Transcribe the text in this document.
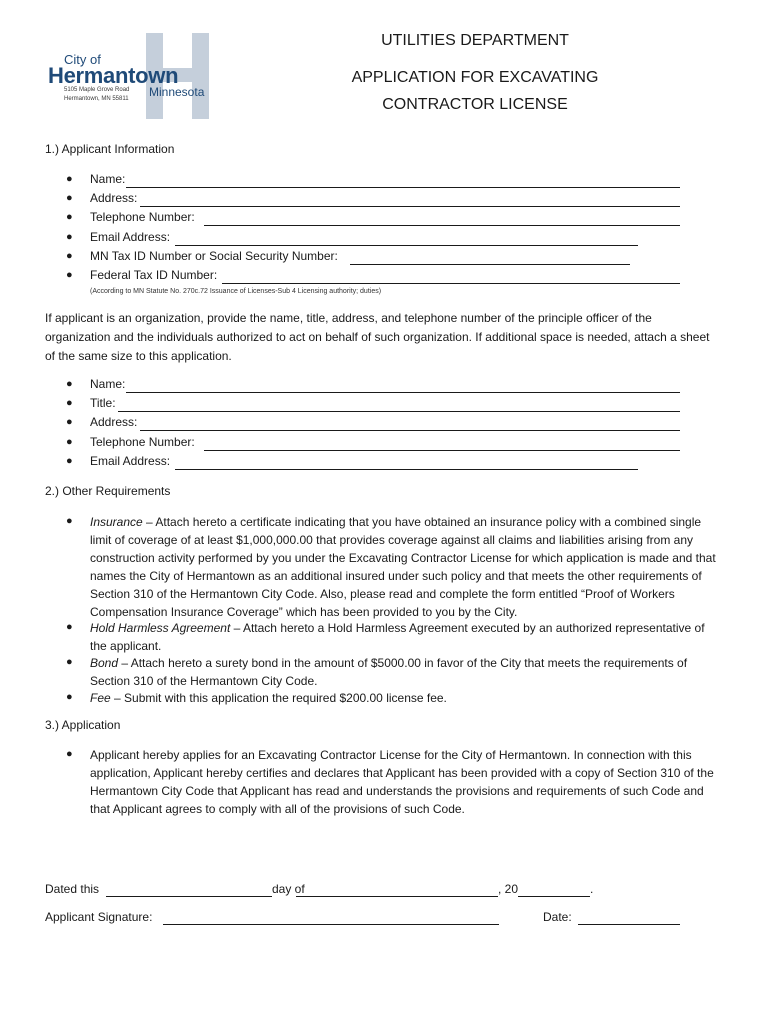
City of
Hermantown
Minnesota
5105 Maple Grove Road
Hermantown, MN 55811
UTILITIES DEPARTMENT
APPLICATION FOR EXCAVATING
CONTRACTOR LICENSE
1.) Applicant Information
● Name:
● Address:
● Telephone Number:
● Email Address:
● MN Tax ID Number or Social Security Number:
● Federal Tax ID Number:
(According to MN Statute No. 270c.72 Issuance of Licenses-Sub 4 Licensing authority; duties)
If applicant is an organization, provide the name, title, address, and telephone number of the principle officer of the organization and the individuals authorized to act on behalf of such organization. If additional space is needed, attach a sheet of the same size to this application.
● Name:
● Title:
● Address:
● Telephone Number:
● Email Address:
2.) Other Requirements
● Insurance – Attach hereto a certificate indicating that you have obtained an insurance policy with a combined single limit of coverage of at least $1,000,000.00 that provides coverage against all claims and liabilities arising from any construction activity performed by you under the Excavating Contractor License for which application is made and that names the City of Hermantown as an additional insured under such policy and that meets the other requirements of Section 310 of the Hermantown City Code. Also, please read and complete the form entitled “Proof of Workers Compensation Insurance Coverage” which has been provided to you by the City.
● Hold Harmless Agreement – Attach hereto a Hold Harmless Agreement executed by an authorized representative of the applicant.
● Bond – Attach hereto a surety bond in the amount of $5000.00 in favor of the City that meets the requirements of Section 310 of the Hermantown City Code.
● Fee – Submit with this application the required $200.00 license fee.
3.) Application
● Applicant hereby applies for an Excavating Contractor License for the City of Hermantown. In connection with this application, Applicant hereby certifies and declares that Applicant has been provided with a copy of Section 310 of the Hermantown City Code that Applicant has read and understands the provisions and requirements of such Code and that Applicant agrees to comply with all of the provisions of such Code.
Dated this	day of	, 20	.
Applicant Signature:	Date:
